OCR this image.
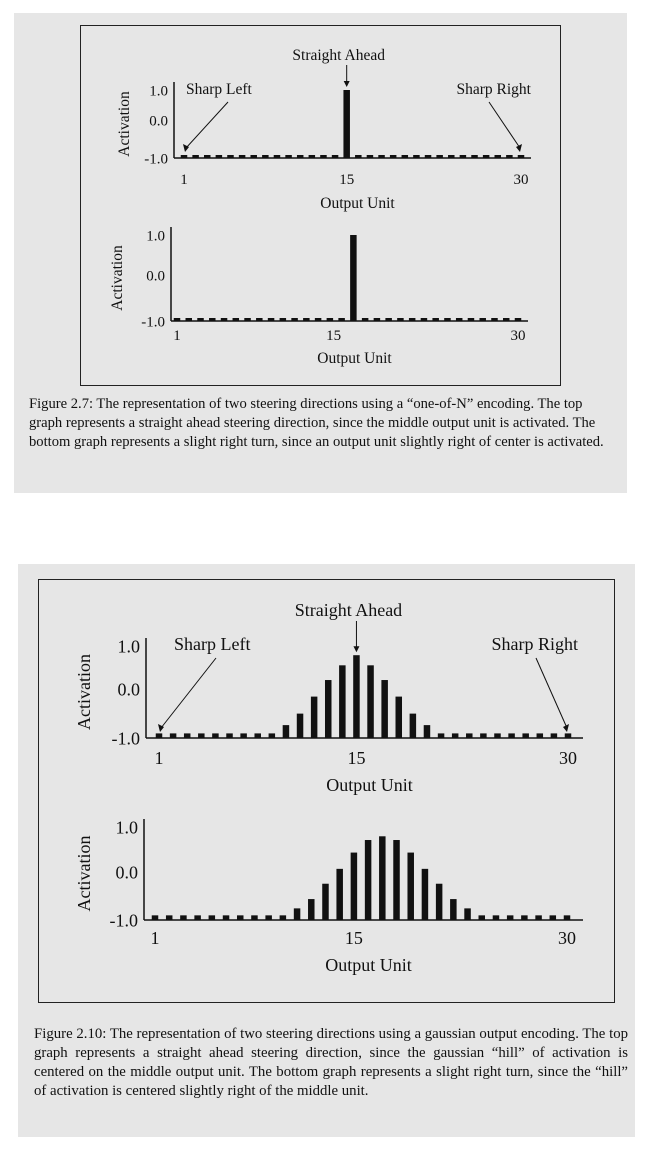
1.0
0.0
-1.0
1	15	30
Output Unit
Activation
Straight Ahead
Sharp Left	Sharp Right
1.0
0.0
-1.0
1	15	30
Output Unit
Activation
Figure 2.7: The representation of two steering directions using a “one-of-N” encoding. The top graph represents a straight ahead steering direction, since the middle output unit is activated. The bottom graph represents a slight right turn, since an output unit slightly right of center is activated.
1.0
0.0
-1.0
1	15	30
Output Unit
Activation
Straight Ahead
Sharp Left	Sharp Right
1.0
0.0
-1.0
1	15	30
Output Unit
Activation
Figure 2.10: The representation of two steering directions using a gaussian output encoding. The top graph represents a straight ahead steering direction, since the gaussian “hill” of activation is centered on the middle output unit. The bottom graph represents a slight right turn, since the “hill” of activation is centered slightly right of the middle unit.
